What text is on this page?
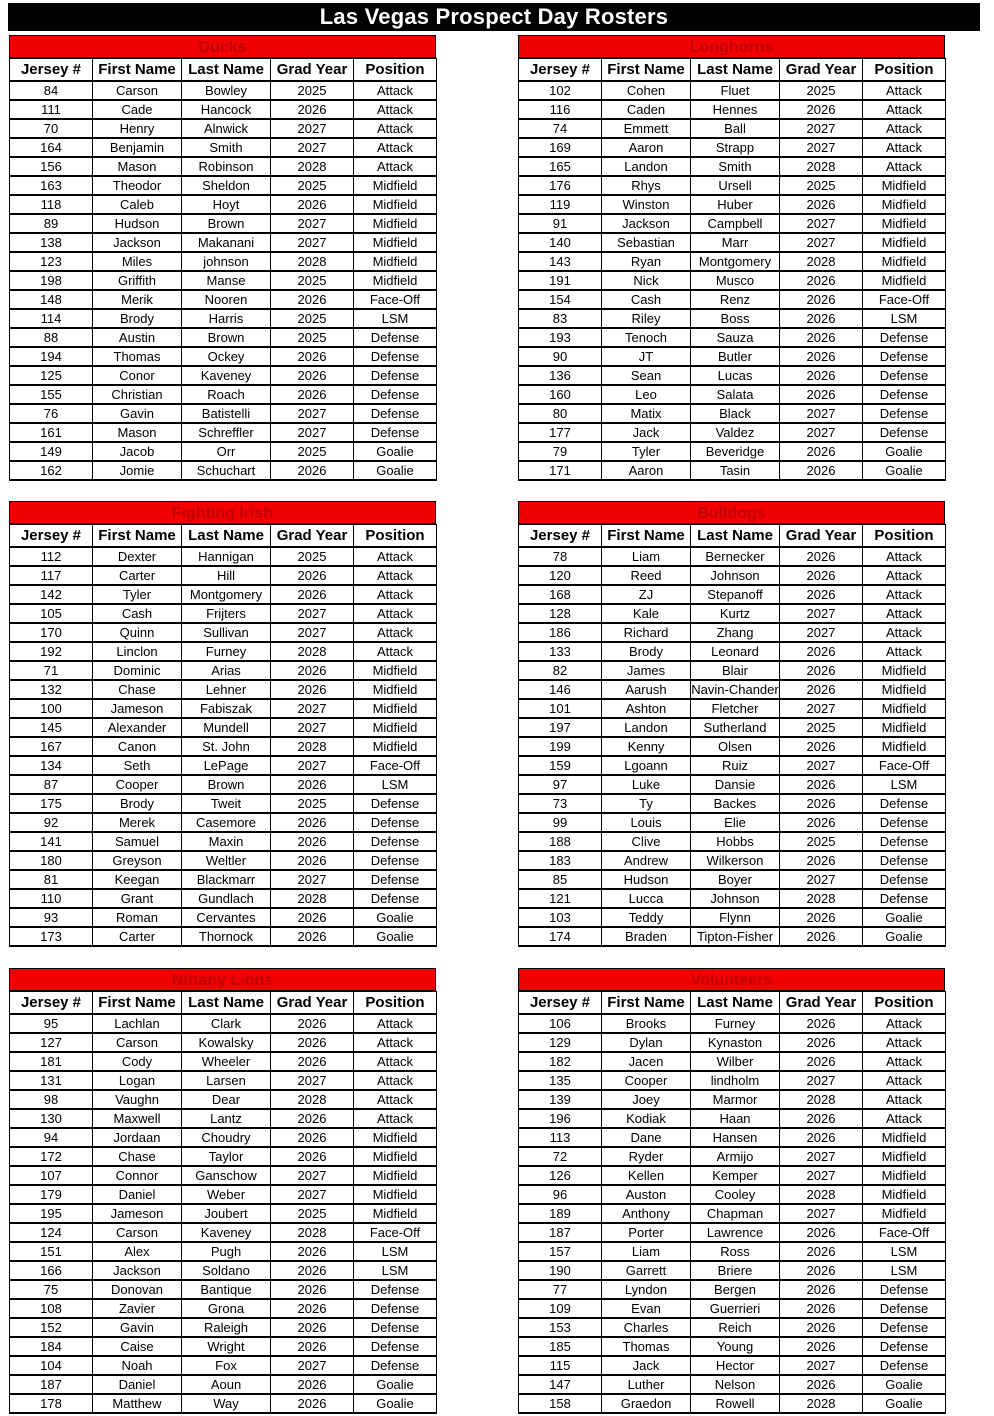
Las Vegas Prospect Day Rosters
Ducks
Jersey #	First Name	Last Name	Grad Year	Position
84	Carson	Bowley	2025	Attack
111	Cade	Hancock	2026	Attack
70	Henry	Alnwick	2027	Attack
164	Benjamin	Smith	2027	Attack
156	Mason	Robinson	2028	Attack
163	Theodor	Sheldon	2025	Midfield
118	Caleb	Hoyt	2026	Midfield
89	Hudson	Brown	2027	Midfield
138	Jackson	Makanani	2027	Midfield
123	Miles	johnson	2028	Midfield
198	Griffith	Manse	2025	Midfield
148	Merik	Nooren	2026	Face-Off
114	Brody	Harris	2025	LSM
88	Austin	Brown	2025	Defense
194	Thomas	Ockey	2026	Defense
125	Conor	Kaveney	2026	Defense
155	Christian	Roach	2026	Defense
76	Gavin	Batistelli	2027	Defense
161	Mason	Schreffler	2027	Defense
149	Jacob	Orr	2025	Goalie
162	Jomie	Schuchart	2026	Goalie
Longhorns
Jersey #	First Name	Last Name	Grad Year	Position
102	Cohen	Fluet	2025	Attack
116	Caden	Hennes	2026	Attack
74	Emmett	Ball	2027	Attack
169	Aaron	Strapp	2027	Attack
165	Landon	Smith	2028	Attack
176	Rhys	Ursell	2025	Midfield
119	Winston	Huber	2026	Midfield
91	Jackson	Campbell	2027	Midfield
140	Sebastian	Marr	2027	Midfield
143	Ryan	Montgomery	2028	Midfield
191	Nick	Musco	2026	Midfield
154	Cash	Renz	2026	Face-Off
83	Riley	Boss	2026	LSM
193	Tenoch	Sauza	2026	Defense
90	JT	Butler	2026	Defense
136	Sean	Lucas	2026	Defense
160	Leo	Salata	2026	Defense
80	Matix	Black	2027	Defense
177	Jack	Valdez	2027	Defense
79	Tyler	Beveridge	2026	Goalie
171	Aaron	Tasin	2026	Goalie
Fighting Irish
Jersey #	First Name	Last Name	Grad Year	Position
112	Dexter	Hannigan	2025	Attack
117	Carter	Hill	2026	Attack
142	Tyler	Montgomery	2026	Attack
105	Cash	Frijters	2027	Attack
170	Quinn	Sullivan	2027	Attack
192	Linclon	Furney	2028	Attack
71	Dominic	Arias	2026	Midfield
132	Chase	Lehner	2026	Midfield
100	Jameson	Fabiszak	2027	Midfield
145	Alexander	Mundell	2027	Midfield
167	Canon	St. John	2028	Midfield
134	Seth	LePage	2027	Face-Off
87	Cooper	Brown	2026	LSM
175	Brody	Tweit	2025	Defense
92	Merek	Casemore	2026	Defense
141	Samuel	Maxin	2026	Defense
180	Greyson	Weltler	2026	Defense
81	Keegan	Blackmarr	2027	Defense
110	Grant	Gundlach	2028	Defense
93	Roman	Cervantes	2026	Goalie
173	Carter	Thornock	2026	Goalie
Bulldogs
Jersey #	First Name	Last Name	Grad Year	Position
78	Liam	Bernecker	2026	Attack
120	Reed	Johnson	2026	Attack
168	ZJ	Stepanoff	2026	Attack
128	Kale	Kurtz	2027	Attack
186	Richard	Zhang	2027	Attack
133	Brody	Leonard	2026	Attack
82	James	Blair	2026	Midfield
146	Aarush	Navin-Chander	2026	Midfield
101	Ashton	Fletcher	2027	Midfield
197	Landon	Sutherland	2025	Midfield
199	Kenny	Olsen	2026	Midfield
159	Lgoann	Ruiz	2027	Face-Off
97	Luke	Dansie	2026	LSM
73	Ty	Backes	2026	Defense
99	Louis	Elie	2026	Defense
188	Clive	Hobbs	2025	Defense
183	Andrew	Wilkerson	2026	Defense
85	Hudson	Boyer	2027	Defense
121	Lucca	Johnson	2028	Defense
103	Teddy	Flynn	2026	Goalie
174	Braden	Tipton-Fisher	2026	Goalie
Nittany Lions
Jersey #	First Name	Last Name	Grad Year	Position
95	Lachlan	Clark	2026	Attack
127	Carson	Kowalsky	2026	Attack
181	Cody	Wheeler	2026	Attack
131	Logan	Larsen	2027	Attack
98	Vaughn	Dear	2028	Attack
130	Maxwell	Lantz	2026	Attack
94	Jordaan	Choudry	2026	Midfield
172	Chase	Taylor	2026	Midfield
107	Connor	Ganschow	2027	Midfield
179	Daniel	Weber	2027	Midfield
195	Jameson	Joubert	2025	Midfield
124	Carson	Kaveney	2028	Face-Off
151	Alex	Pugh	2026	LSM
166	Jackson	Soldano	2026	LSM
75	Donovan	Bantique	2026	Defense
108	Zavier	Grona	2026	Defense
152	Gavin	Raleigh	2026	Defense
184	Caise	Wright	2026	Defense
104	Noah	Fox	2027	Defense
187	Daniel	Aoun	2026	Goalie
178	Matthew	Way	2026	Goalie
Volunteers
Jersey #	First Name	Last Name	Grad Year	Position
106	Brooks	Furney	2026	Attack
129	Dylan	Kynaston	2026	Attack
182	Jacen	Wilber	2026	Attack
135	Cooper	lindholm	2027	Attack
139	Joey	Marmor	2028	Attack
196	Kodiak	Haan	2026	Attack
113	Dane	Hansen	2026	Midfield
72	Ryder	Armijo	2027	Midfield
126	Kellen	Kemper	2027	Midfield
96	Auston	Cooley	2028	Midfield
189	Anthony	Chapman	2027	Midfield
187	Porter	Lawrence	2026	Face-Off
157	Liam	Ross	2026	LSM
190	Garrett	Briere	2026	LSM
77	Lyndon	Bergen	2026	Defense
109	Evan	Guerrieri	2026	Defense
153	Charles	Reich	2026	Defense
185	Thomas	Young	2026	Defense
115	Jack	Hector	2027	Defense
147	Luther	Nelson	2026	Goalie
158	Graedon	Rowell	2028	Goalie
